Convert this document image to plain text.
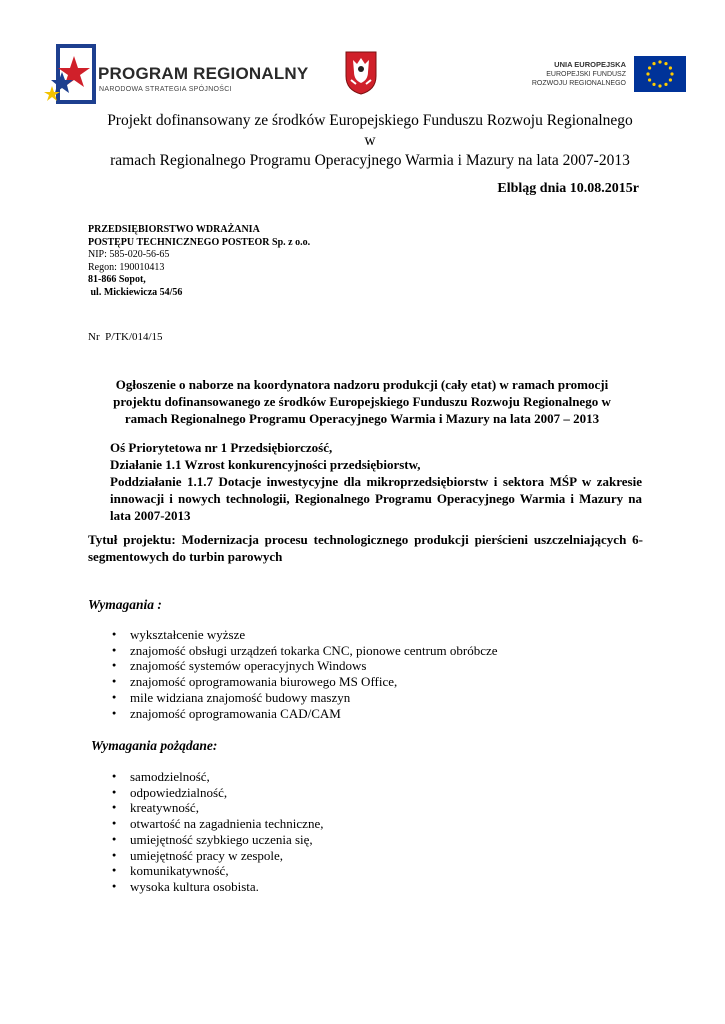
PROGRAM REGIONALNY
NARODOWA STRATEGIA SPÓJNOŚCI
UNIA EUROPEJSKA
EUROPEJSKI FUNDUSZ
ROZWOJU REGIONALNEGO
Projekt dofinansowany ze środków Europejskiego Funduszu Rozwoju Regionalnego w
ramach Regionalnego Programu Operacyjnego Warmia i Mazury na lata 2007-2013
Elbląg dnia 10.08.2015r
PRZEDSIĘBIORSTWO WDRAŻANIA
POSTĘPU TECHNICZNEGO POSTEOR Sp. z o.o.
NIP: 585-020-56-65
Regon: 190010413
81-866 Sopot,
ul. Mickiewicza 54/56
Nr  P/TK/014/15
Ogłoszenie o naborze na koordynatora nadzoru produkcji (cały etat) w ramach promocji
projektu dofinansowanego ze środków Europejskiego Funduszu Rozwoju Regionalnego w
ramach Regionalnego Programu Operacyjnego Warmia i Mazury na lata 2007 – 2013
Oś Priorytetowa nr 1 Przedsiębiorczość,
Działanie 1.1 Wzrost konkurencyjności przedsiębiorstw,
Poddziałanie 1.1.7 Dotacje inwestycyjne dla mikroprzedsiębiorstw i sektora MŚP w zakresie innowacji i nowych technologii, Regionalnego Programu Operacyjnego Warmia i Mazury na lata 2007-2013
Tytuł projektu: Modernizacja procesu technologicznego produkcji pierścieni uszczelniających 6-segmentowych do turbin parowych
Wymagania :
● wykształcenie wyższe
● znajomość obsługi urządzeń tokarka CNC, pionowe centrum obróbcze
● znajomość systemów operacyjnych Windows
● znajomość oprogramowania biurowego MS Office,
● mile widziana znajomość budowy maszyn
● znajomość oprogramowania CAD/CAM
Wymagania pożądane:
● samodzielność,
● odpowiedzialność,
● kreatywność,
● otwartość na zagadnienia techniczne,
● umiejętność szybkiego uczenia się,
● umiejętność pracy w zespole,
● komunikatywność,
● wysoka kultura osobista.
